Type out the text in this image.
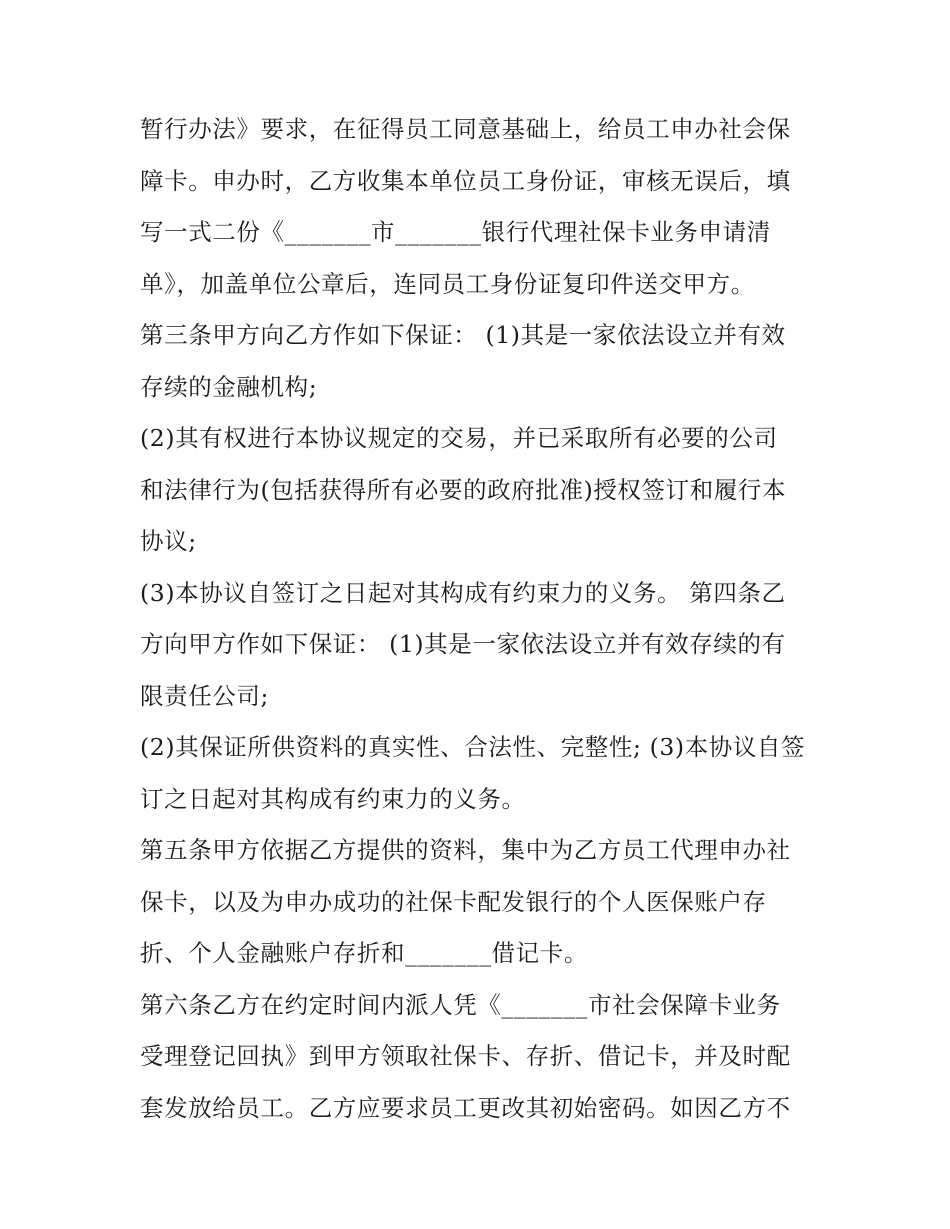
暂行办法》要求，在征得员工同意基础上，给员工申办社会保
障卡。申办时，乙方收集本单位员工身份证，审核无误后，填
写一式二份《_______市_______银行代理社保卡业务申请清
单》，加盖单位公章后，连同员工身份证复印件送交甲方。
第三条甲方向乙方作如下保证： (1)其是一家依法设立并有效
存续的金融机构;
(2)其有权进行本协议规定的交易，并已采取所有必要的公司
和法律行为(包括获得所有必要的政府批准)授权签订和履行本
协议;
(3)本协议自签订之日起对其构成有约束力的义务。 第四条乙
方向甲方作如下保证： (1)其是一家依法设立并有效存续的有
限责任公司;
(2)其保证所供资料的真实性、合法性、完整性; (3)本协议自签
订之日起对其构成有约束力的义务。
第五条甲方依据乙方提供的资料，集中为乙方员工代理申办社
保卡，以及为申办成功的社保卡配发银行的个人医保账户存
折、个人金融账户存折和_______借记卡。
第六条乙方在约定时间内派人凭《_______市社会保障卡业务
受理登记回执》到甲方领取社保卡、存折、借记卡，并及时配
套发放给员工。乙方应要求员工更改其初始密码。如因乙方不
